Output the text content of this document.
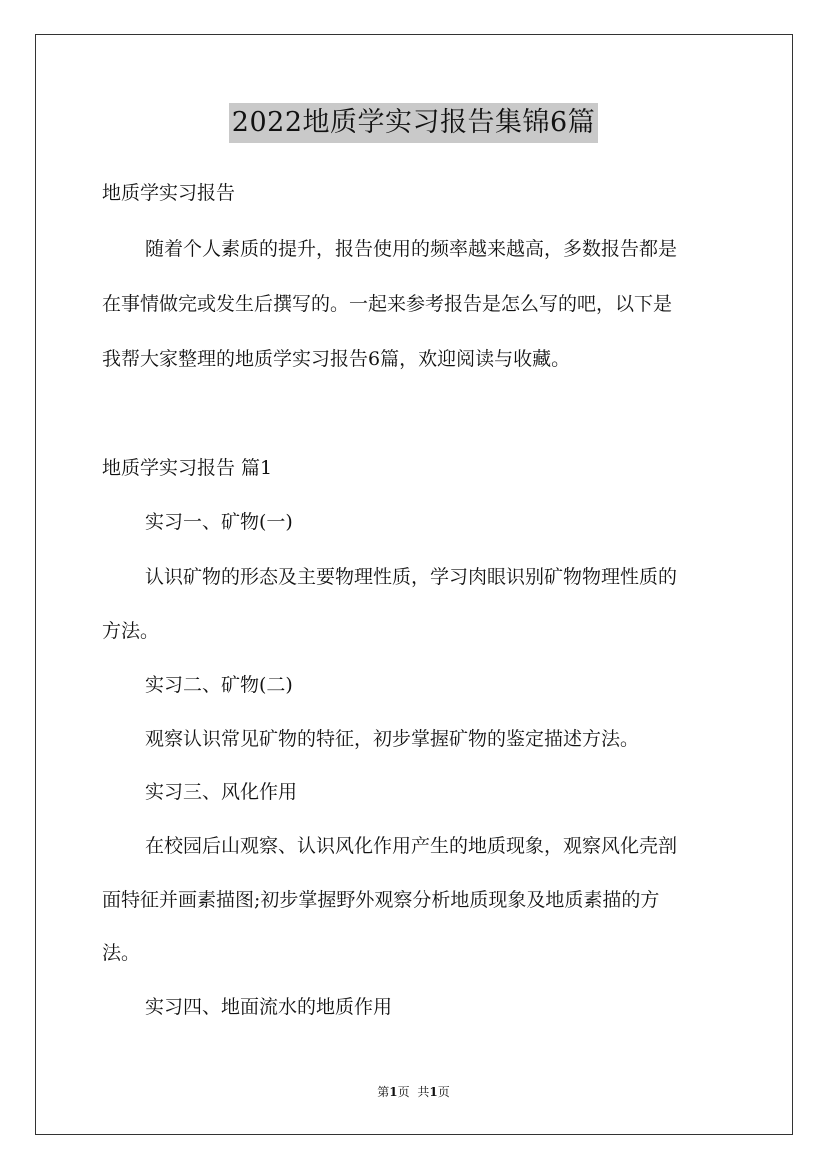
2022地质学实习报告集锦6篇
地质学实习报告
随着个人素质的提升，报告使用的频率越来越高，多数报告都是
在事情做完或发生后撰写的。一起来参考报告是怎么写的吧，以下是
我帮大家整理的地质学实习报告6篇，欢迎阅读与收藏。
地质学实习报告 篇1
实习一、矿物(一)
认识矿物的形态及主要物理性质，学习肉眼识别矿物物理性质的
方法。
实习二、矿物(二)
观察认识常见矿物的特征，初步掌握矿物的鉴定描述方法。
实习三、风化作用
在校园后山观察、认识风化作用产生的地质现象，观察风化壳剖
面特征并画素描图;初步掌握野外观察分析地质现象及地质素描的方
法。
实习四、地面流水的地质作用
第1页 共1页
